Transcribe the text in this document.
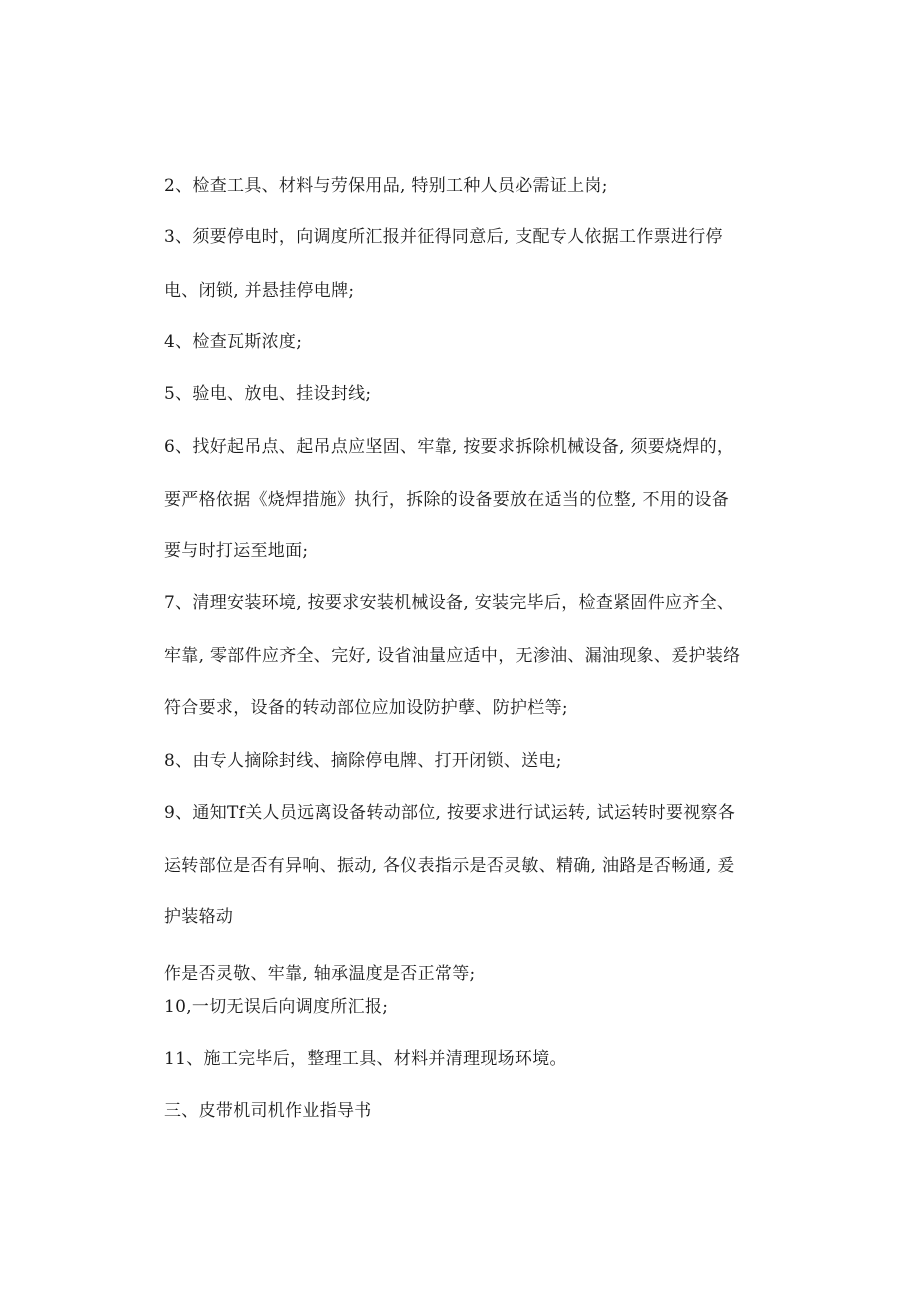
2、检查工具、材料与劳保用品, 特别工种人员必需证上岗;
3、须要停电时，向调度所汇报并征得同意后, 支配专人依据工作票进行停
电、闭锁, 并悬挂停电牌;
4、检查瓦斯浓度;
5、验电、放电、挂设封线;
6、找好起吊点、起吊点应坚固、牢靠, 按要求拆除机械设备, 须要烧焊的，
要严格依据《烧焊措施》执行，拆除的设备要放在适当的位整, 不用的设备
要与时打运至地面;
7、清理安装环境, 按要求安装机械设备, 安装完毕后，检查紧固件应齐全、
牢靠, 零部件应齐全、完好, 设省油量应适中，无渗油、漏油现象、爰护装络
符合要求，设备的转动部位应加设防护孽、防护栏等;
8、由专人摘除封线、摘除停电牌、打开闭锁、送电;
9、通知Tf关人员远离设备转动部位, 按要求进行试运转, 试运转时要视察各
运转部位是否有异响、振动, 各仪表指示是否灵敏、精确, 油路是否畅通, 爰
护装辂动
作是否灵敬、牢靠, 轴承温度是否正常等;
10,一切无误后向调度所汇报;
11、施工完毕后，整理工具、材料并清理现场环境。
三、皮带机司机作业指导书
